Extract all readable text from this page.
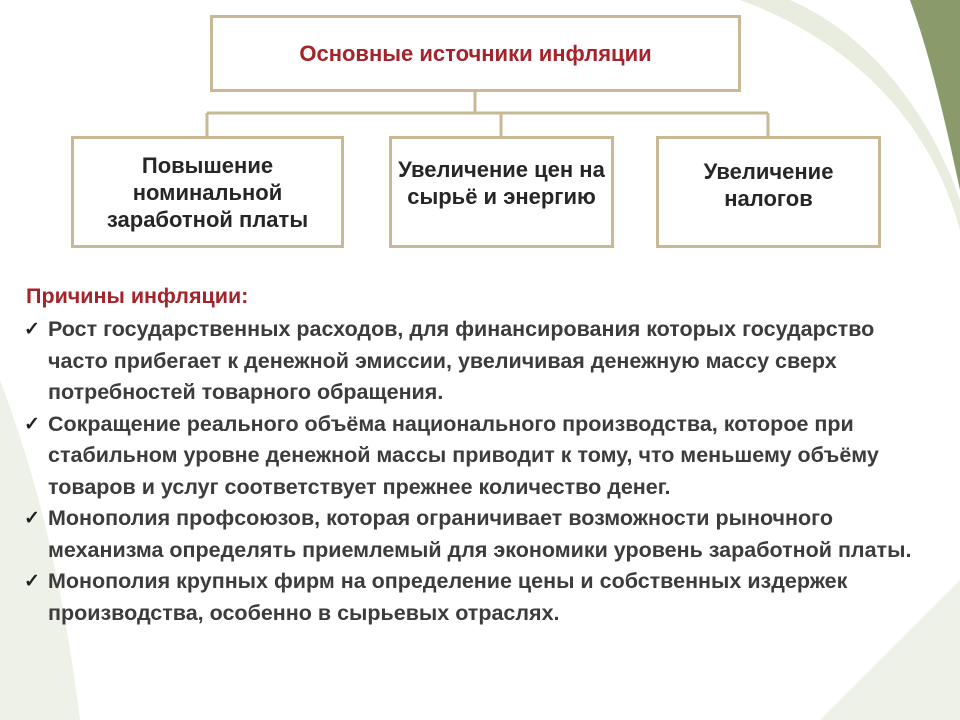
Основные источники инфляции
Повышение номинальной заработной платы
Увеличение цен на сырьё и энергию
Увеличение налогов
Причины инфляции:
✓ Рост государственных расходов, для финансирования которых государство часто прибегает к денежной эмиссии, увеличивая денежную массу сверх потребностей товарного обращения.
✓ Сокращение реального объёма национального производства, которое при стабильном уровне денежной массы приводит к тому, что меньшему объёму товаров и услуг соответствует прежнее количество денег.
✓ Монополия профсоюзов, которая ограничивает возможности рыночного механизма определять приемлемый для экономики уровень заработной платы.
✓ Монополия крупных фирм на определение цены и собственных издержек производства, особенно в сырьевых отраслях.
